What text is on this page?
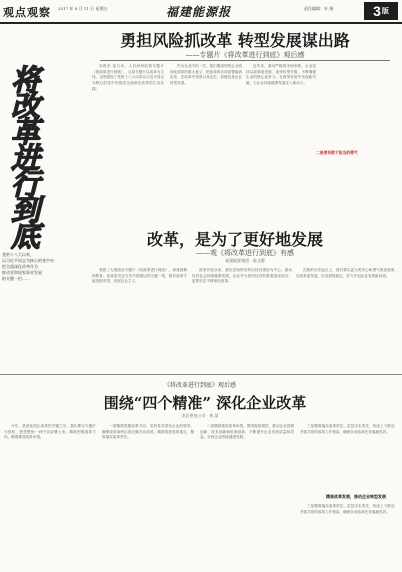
观点观察 2017 年 8 月 11 日 星期五	福建能源报	责任编辑：叶 娟	3 版
勇担风险抓改革 转型发展谋出路
——专题片《将改革进行到底》观后感

本报讯 连日来，人们纷纷收看专题片《将改革进行到底》，这部专题片以改革为主线，全景展现了党的十八大以来以习近平同志为核心的党中央推进全面深化改革的生动实践。

作为企业中的一员，我们要深刻领会全面深化改革的重大意义，把改革的各项部署落到实处，在改革中找准自身定位，积极投身企业转型发展。

近年来，面对严峻的市场形势，企业坚持以改革促发展，加快转型升级，不断增强企业的核心竞争力。在改革发展中实现新突破，为企业持续健康发展注入新动力。

二是要有敢于担当的勇气
将
改
革
进
行
到
底
党的十八大以来，
以习近平同志为核心的党中央
把全面深化改革作为
推动党和国家事业发展
的关键一招……
改革，是为了更好地发展
——观《将改革进行到底》有感
福建能源集团 · 陈文静

观看了大型政论专题片《将改革进行到底》，深受鼓舞和教育。改革是决定当代中国命运的关键一招，唯有改革才能发展中国、发展社会主义。

改革开放以来，我们党始终坚持以经济建设为中心，推动经济社会持续健康发展。企业作为国民经济的重要组成部分，更要坚定不移深化改革。

在新的历史起点上，我们要以更大的决心和勇气推进改革，以改革促发展，以发展保稳定，努力开创企业发展新局面。

《将改革进行到底》观后感
围绕“四个精准” 深化企业改革
龙岩供电公司 · 林 某

今年，是深化国企改革的关键之年，我们要以专题片为契机，把思想统一到中央部署上来。精准把握改革方向，精准推进改革举措。

一是精准把握改革方向。坚持党对国有企业的领导，确保改革始终沿着正确方向前进。精准推进改革重点，精准落实改革责任。

二是精准推进改革举措。围绕提质增效，推动企业管理创新、技术创新和机制创新，不断提升企业发展质量和效益，实现企业持续健康发展。

三是精准落实改革责任。层层压实责任，形成上下联动、齐抓共管的改革工作格局，确保各项改革任务落地见效。

精准改革发展，推动企业转型发展

三是精准落实改革责任。层层压实责任，形成上下联动、齐抓共管的改革工作格局，确保各项改革任务落地见效。
